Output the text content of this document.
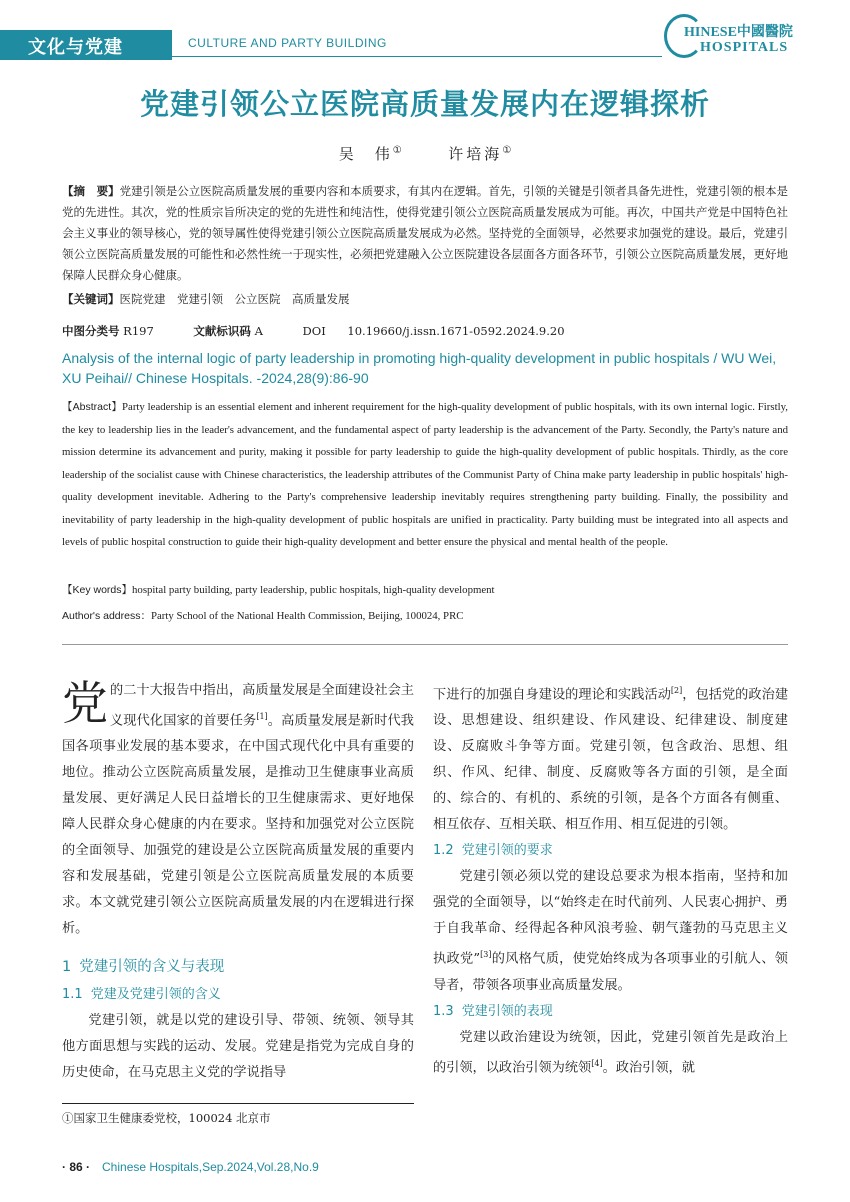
文化与党建	CULTURE AND PARTY BUILDING
HINESE中國醫院
HOSPITALS
党建引领公立医院高质量发展内在逻辑探析
吴　伟①	许培海①
【摘　要】党建引领是公立医院高质量发展的重要内容和本质要求，有其内在逻辑。首先，引领的关键是引领者具备先进性，党建引领的根本是党的先进性。其次，党的性质宗旨所决定的党的先进性和纯洁性，使得党建引领公立医院高质量发展成为可能。再次，中国共产党是中国特色社会主义事业的领导核心，党的领导属性使得党建引领公立医院高质量发展成为必然。坚持党的全面领导，必然要求加强党的建设。最后，党建引领公立医院高质量发展的可能性和必然性统一于现实性，必须把党建融入公立医院建设各层面各方面各环节，引领公立医院高质量发展，更好地保障人民群众身心健康。
【关键词】医院党建　党建引领　公立医院　高质量发展
中图分类号 R197	文献标识码 A	DOI 10.19660/j.issn.1671-0592.2024.9.20
Analysis of the internal logic of party leadership in promoting high-quality development in public hospitals / WU Wei, XU Peihai// Chinese Hospitals. -2024,28(9):86-90
【Abstract】Party leadership is an essential element and inherent requirement for the high-quality development of public hospitals, with its own internal logic. Firstly, the key to leadership lies in the leader's advancement, and the fundamental aspect of party leadership is the advancement of the Party. Secondly, the Party's nature and mission determine its advancement and purity, making it possible for party leadership to guide the high-quality development of public hospitals. Thirdly, as the core leadership of the socialist cause with Chinese characteristics, the leadership attributes of the Communist Party of China make party leadership in public hospitals' high-quality development inevitable. Adhering to the Party's comprehensive leadership inevitably requires strengthening party building. Finally, the possibility and inevitability of party leadership in the high-quality development of public hospitals are unified in practicality. Party building must be integrated into all aspects and levels of public hospital construction to guide their high-quality development and better ensure the physical and mental health of the people.
【Key words】hospital party building, party leadership, public hospitals, high-quality development
Author's address：Party School of the National Health Commission, Beijing, 100024, PRC

党的二十大报告中指出，高质量发展是全面建设社会主义现代化国家的首要任务[1]。高质量发展是新时代我国各项事业发展的基本要求，在中国式现代化中具有重要的地位。推动公立医院高质量发展，是推动卫生健康事业高质量发展、更好满足人民日益增长的卫生健康需求、更好地保障人民群众身心健康的内在要求。坚持和加强党对公立医院的全面领导、加强党的建设是公立医院高质量发展的重要内容和发展基础，党建引领是公立医院高质量发展的本质要求。本文就党建引领公立医院高质量发展的内在逻辑进行探析。

1 党建引领的含义与表现
1.1 党建及党建引领的含义

党建引领，就是以党的建设引导、带领、统领、领导其他方面思想与实践的运动、发展。党建是指党为完成自身的历史使命，在马克思主义党的学说指导

下进行的加强自身建设的理论和实践活动[2]，包括党的政治建设、思想建设、组织建设、作风建设、纪律建设、制度建设、反腐败斗争等方面。党建引领，包含政治、思想、组织、作风、纪律、制度、反腐败等各方面的引领，是全面的、综合的、有机的、系统的引领，是各个方面各有侧重、相互依存、互相关联、相互作用、相互促进的引领。

1.2 党建引领的要求

党建引领必须以党的建设总要求为根本指南，坚持和加强党的全面领导，以“始终走在时代前列、人民衷心拥护、勇于自我革命、经得起各种风浪考验、朝气蓬勃的马克思主义执政党”[3]的风格气质，使党始终成为各项事业的引航人、领导者，带领各项事业高质量发展。

1.3 党建引领的表现

党建以政治建设为统领，因此，党建引领首先是政治上的引领，以政治引领为统领[4]。政治引领，就

①国家卫生健康委党校，100024 北京市
· 86 · Chinese Hospitals,Sep.2024,Vol.28,No.9
